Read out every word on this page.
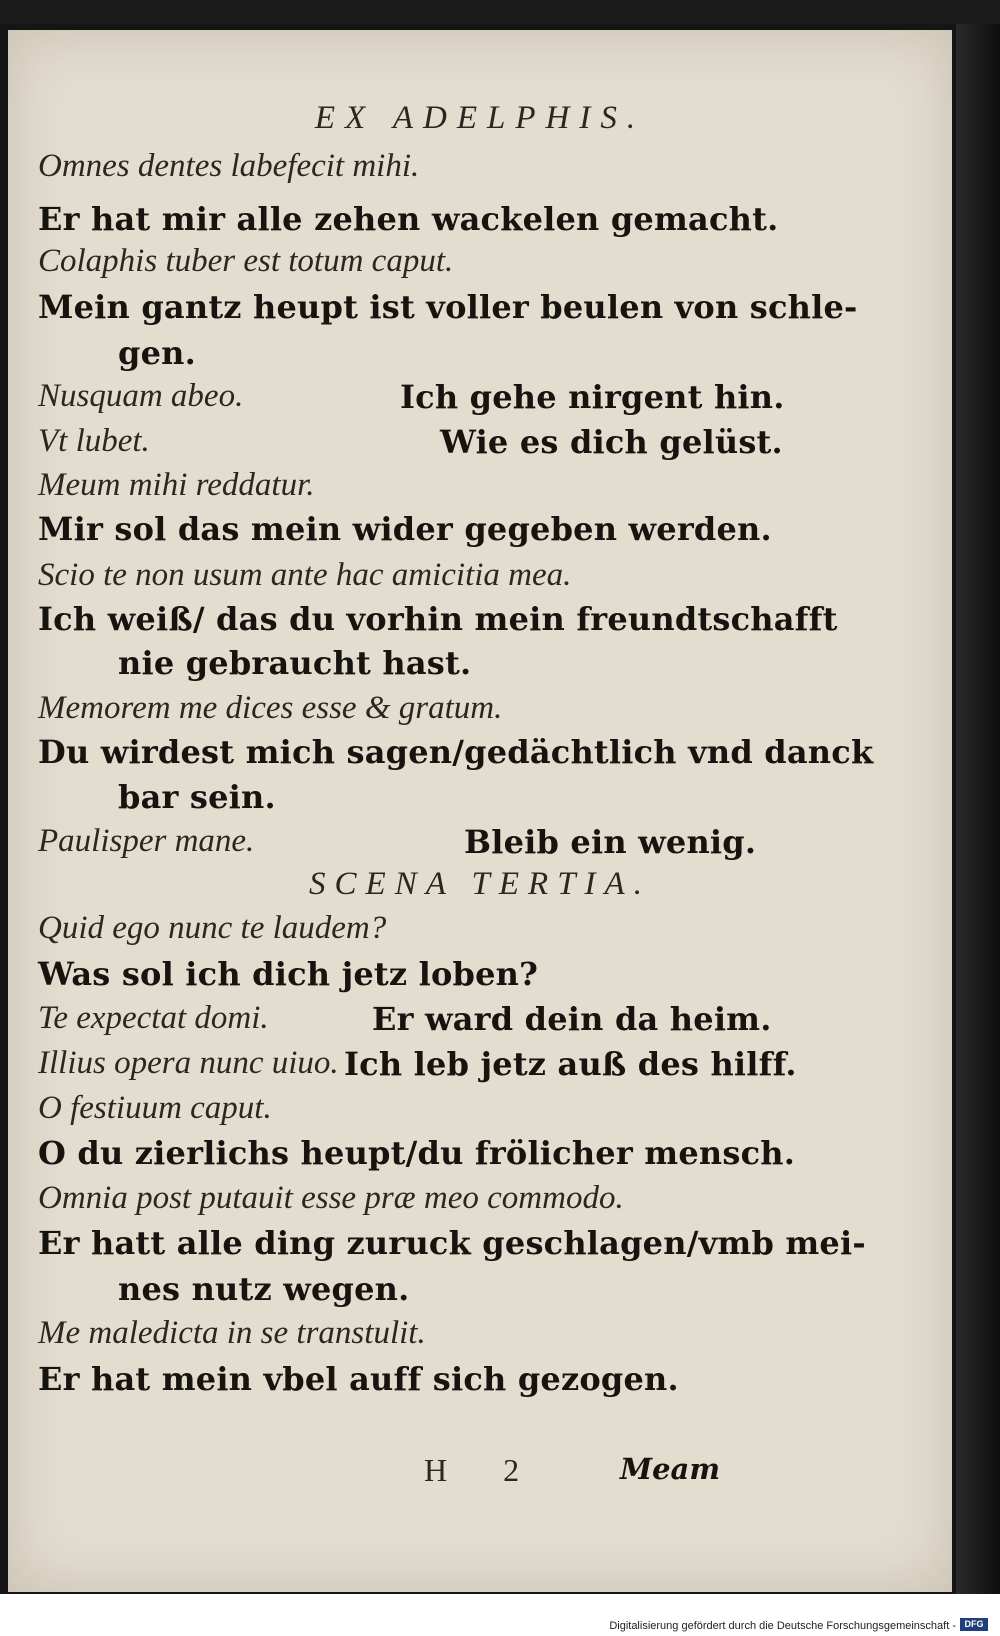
EX ADELPHIS.
Omnes dentes labefecit mihi.
Er hat mir alle zehen wackelen gemacht.
Colaphis tuber est totum caput.
Mein gantz heupt ist voller beulen von schle-
gen.
Nusquam abeo.	Ich gehe nirgent hin.
Vt lubet.	Wie es dich gelüst.
Meum mihi reddatur.
Mir sol das mein wider gegeben werden.
Scio te non usum ante hac amicitia mea.
Ich weiß/ das du vorhin mein freundtschafft
nie gebraucht hast.
Memorem me dices esse & gratum.
Du wirdest mich sagen/gedächtlich vnd danck
bar sein.
Paulisper mane.	Bleib ein wenig.
SCENA TERTIA.
Quid ego nunc te laudem?
Was sol ich dich jetz loben?
Te expectat domi.	Er ward dein da heim.
Illius opera nunc uiuo. Ich leb jetz auß des hilff.
O festiuum caput.
O du zierlichs heupt/du frölicher mensch.
Omnia post putauit esse præ meo commodo.
Er hatt alle ding zuruck geschlagen/vmb mei-
nes nutz wegen.
Me maledicta in se transtulit.
Er hat mein vbel auff sich gezogen.
H 2	Meam
Digitalisierung gefördert durch die Deutsche Forschungsgemeinschaft - DFG
